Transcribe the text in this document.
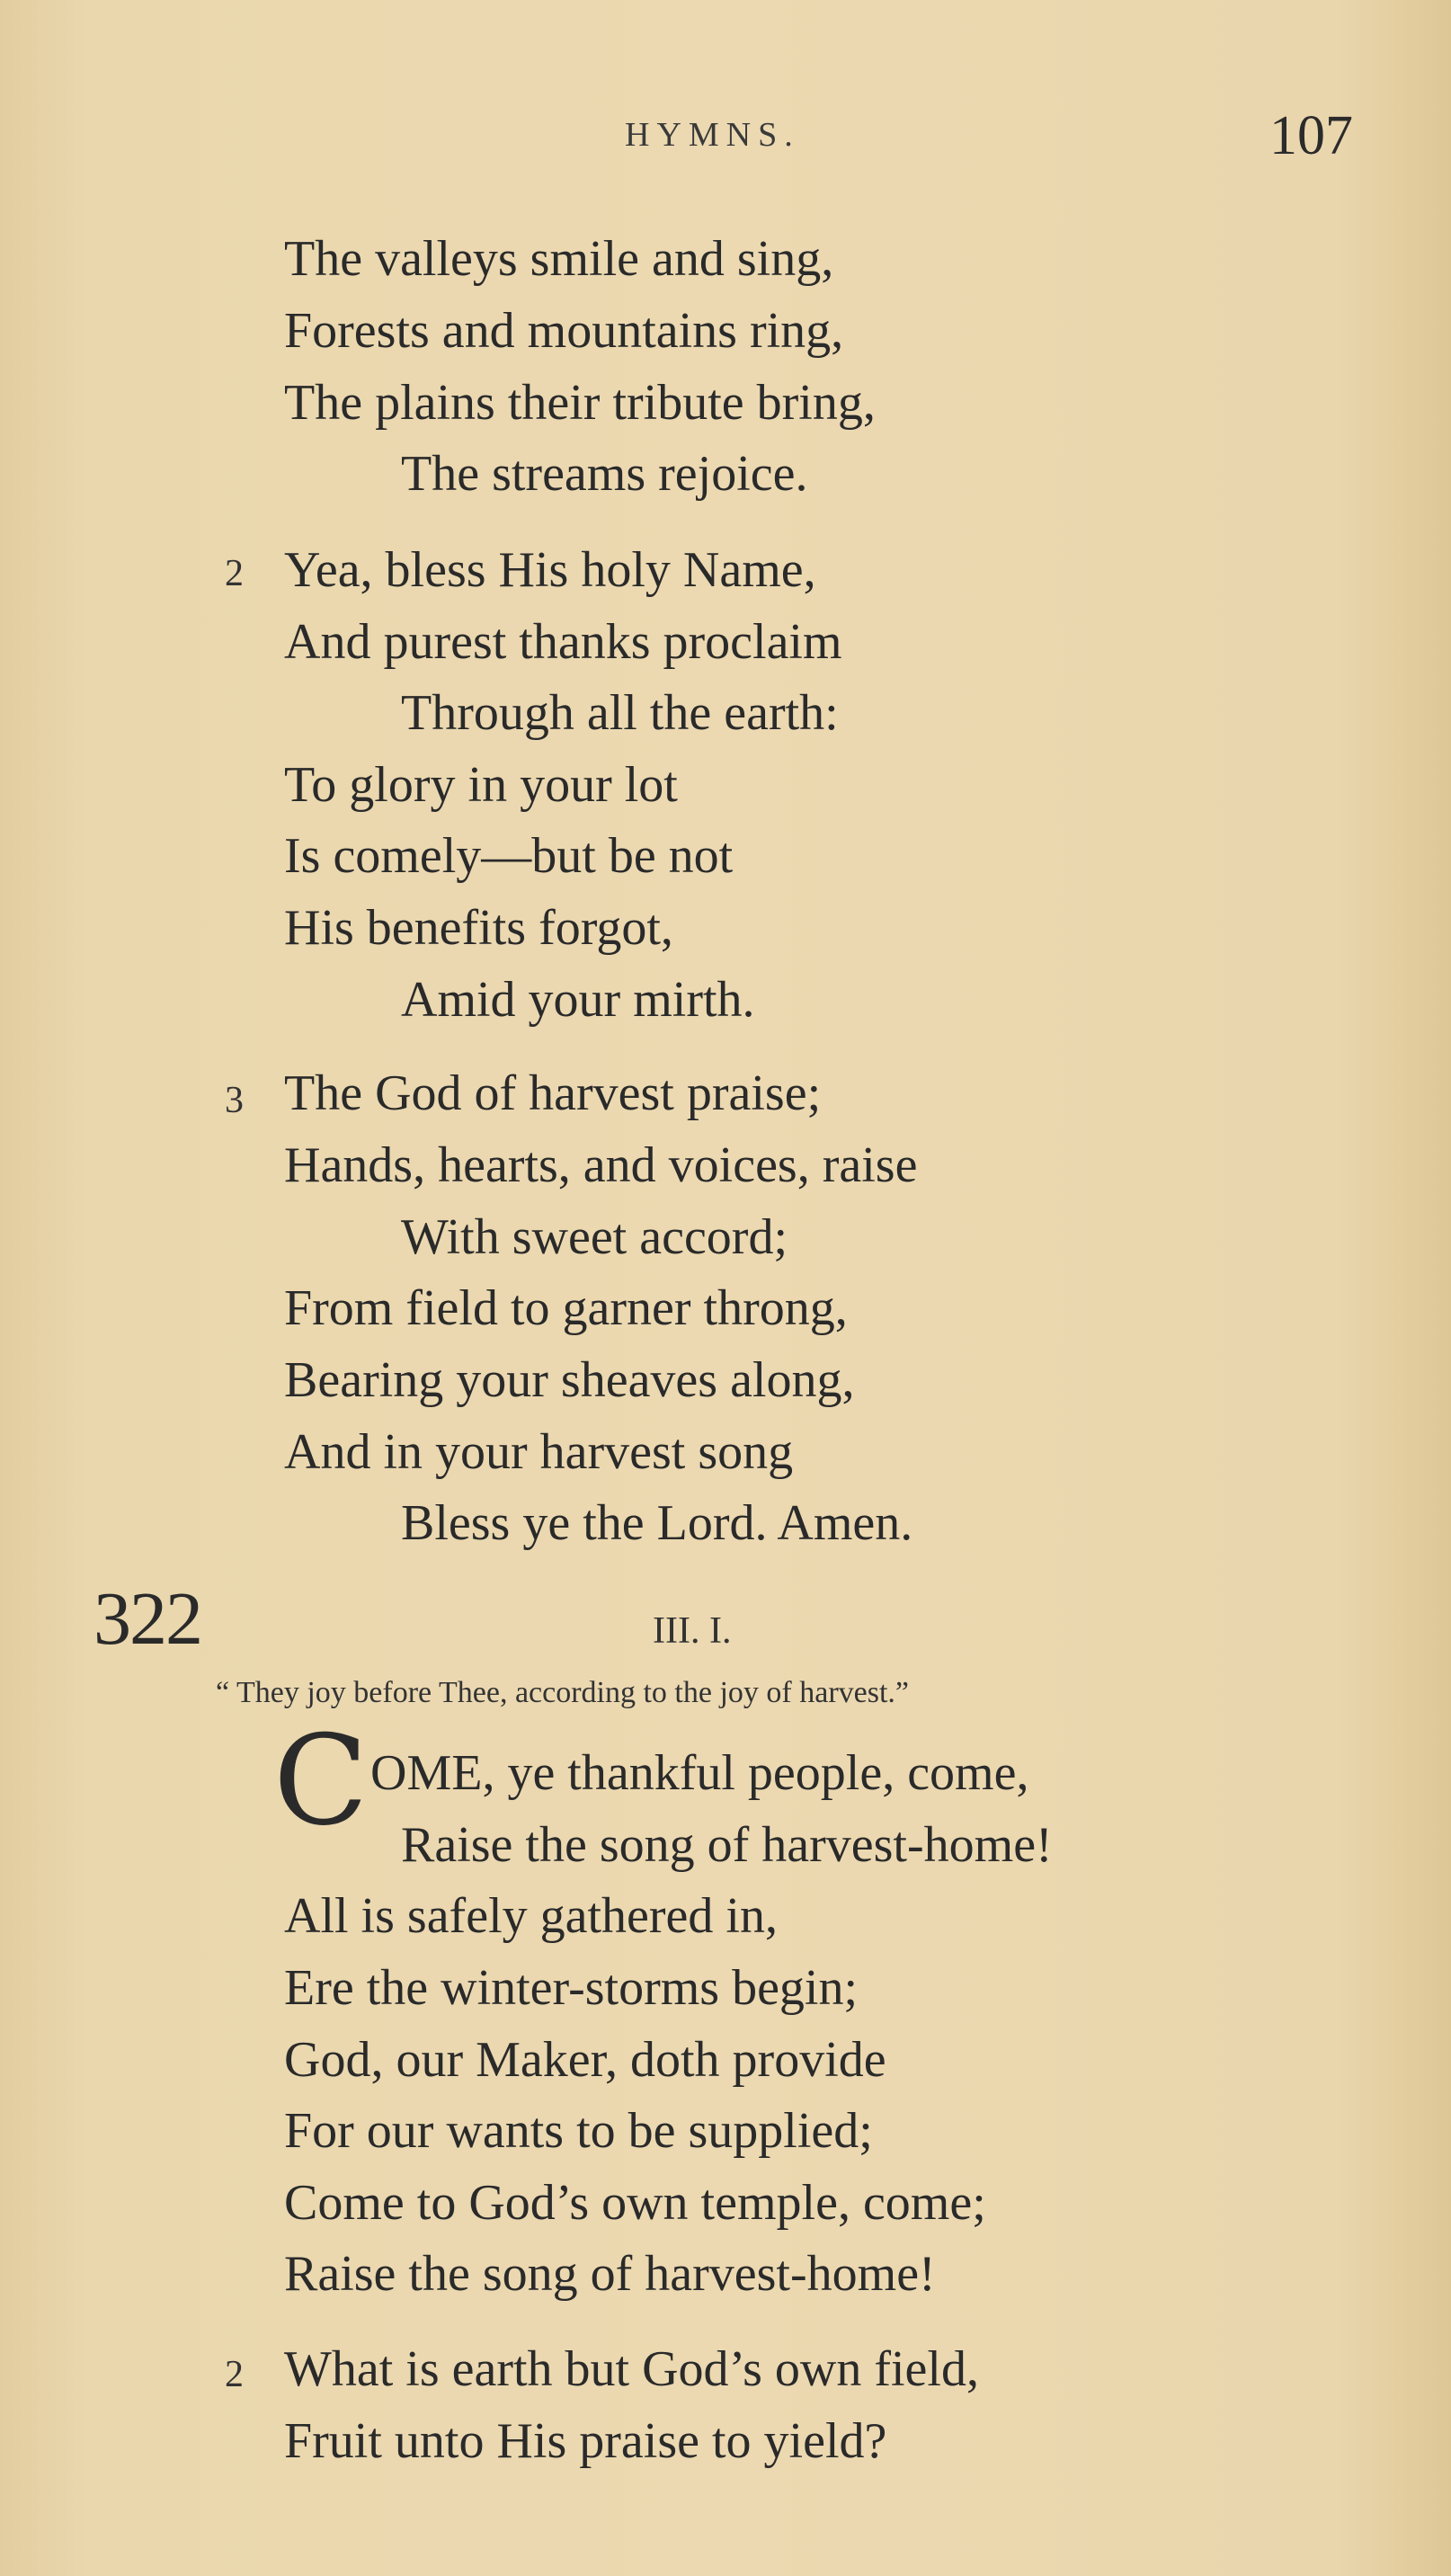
HYMNS.	107
The valleys smile and sing,
Forests and mountains ring,
The plains their tribute bring,
The streams rejoice.
2 Yea, bless His holy Name,
And purest thanks proclaim
Through all the earth:
To glory in your lot
Is comely—but be not
His benefits forgot,
Amid your mirth.
3 The God of harvest praise;
Hands, hearts, and voices, raise
With sweet accord;
From field to garner throng,
Bearing your sheaves along,
And in your harvest song
Bless ye the Lord. Amen.
322	III. I.
“ They joy before Thee, according to the joy of harvest.”
C OME, ye thankful people, come,
Raise the song of harvest-home!
All is safely gathered in,
Ere the winter-storms begin;
God, our Maker, doth provide
For our wants to be supplied;
Come to God’s own temple, come;
Raise the song of harvest-home!
2 What is earth but God’s own field,
Fruit unto His praise to yield?
